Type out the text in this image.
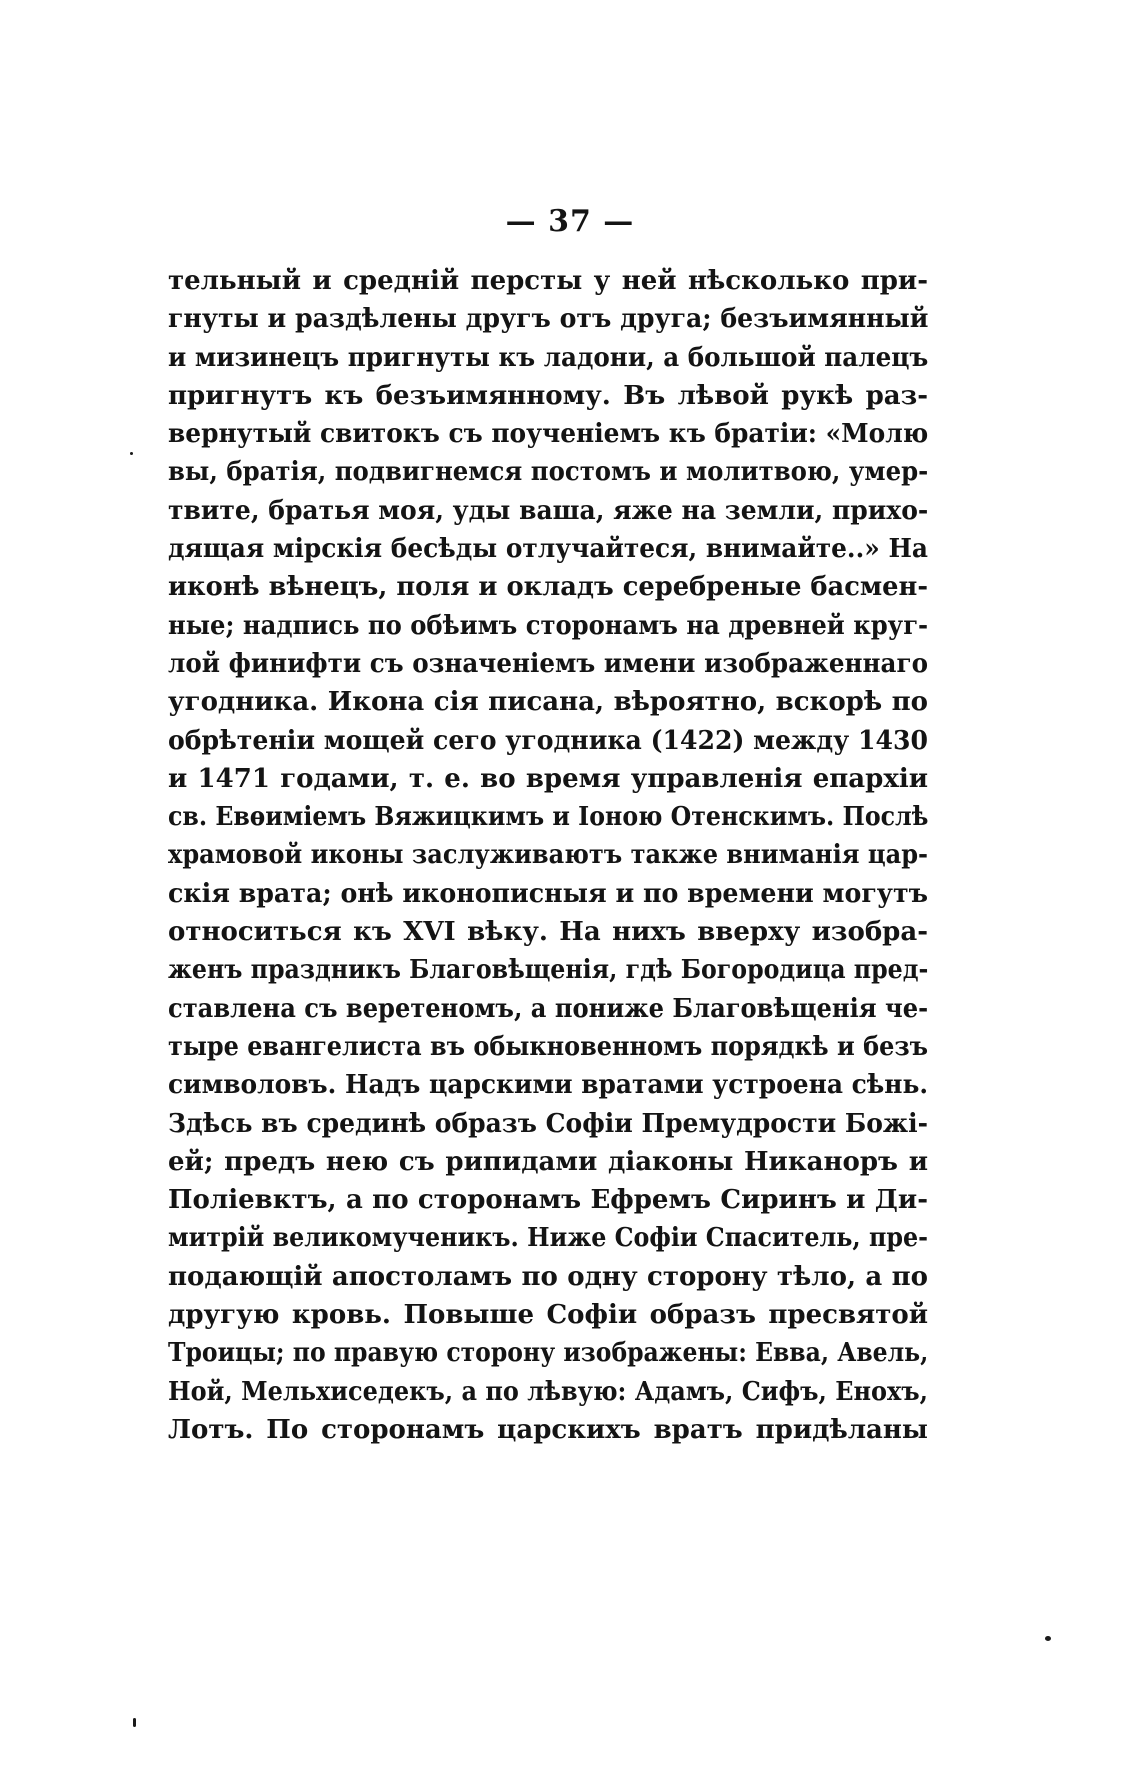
— 37 —
тельный и среднiй персты у ней нѣсколько при-
гнуты и раздѣлены другъ отъ друга; безъимянный
и мизинецъ пригнуты къ ладони, а большой палецъ
пригнутъ къ безъимянному. Въ лѣвой рукѣ раз-
вернутый свитокъ съ поученiемъ къ братiи: «Молю
вы, братiя, подвигнемся постомъ и молитвою, умер-
твите, братья моя, уды ваша, яже на земли, прихо-
дящая мiрскiя бесѣды отлучайтеся, внимайте..» На
иконѣ вѣнецъ, поля и окладъ серебреные басмен-
ные; надпись по обѣимъ сторонамъ на древней круг-
лой финифти съ означенiемъ имени изображеннаго
угодника. Икона сiя писана, вѣроятно, вскорѣ по
обрѣтенiи мощей сего угодника (1422) между 1430
и 1471 годами, т. е. во время управленiя епархiи
св. Евѳимiемъ Вяжицкимъ и Iоною Отенскимъ. Послѣ
храмовой иконы заслуживаютъ также вниманiя цар-
скiя врата; онѣ иконописныя и по времени могутъ
относиться къ XVI вѣку. На нихъ вверху изобра-
женъ праздникъ Благовѣщенiя, гдѣ Богородица пред-
ставлена съ веретеномъ, а пониже Благовѣщенiя че-
тыре евангелиста въ обыкновенномъ порядкѣ и безъ
символовъ. Надъ царскими вратами устроена сѣнь.
Здѣсь въ срединѣ образъ Софiи Премудрости Божi-
ей; предъ нею съ рипидами дiаконы Никаноръ и
Полiевктъ, а по сторонамъ Ефремъ Сиринъ и Ди-
митрiй великомученикъ. Ниже Софiи Спаситель, пре-
подающiй апостоламъ по одну сторону тѣло, а по
другую кровь. Повыше Софiи образъ пресвятой
Троицы; по правую сторону изображены: Евва, Авель,
Ной, Мельхиседекъ, а по лѣвую: Адамъ, Сифъ, Енохъ,
Лотъ. По сторонамъ царскихъ вратъ придѣланы
